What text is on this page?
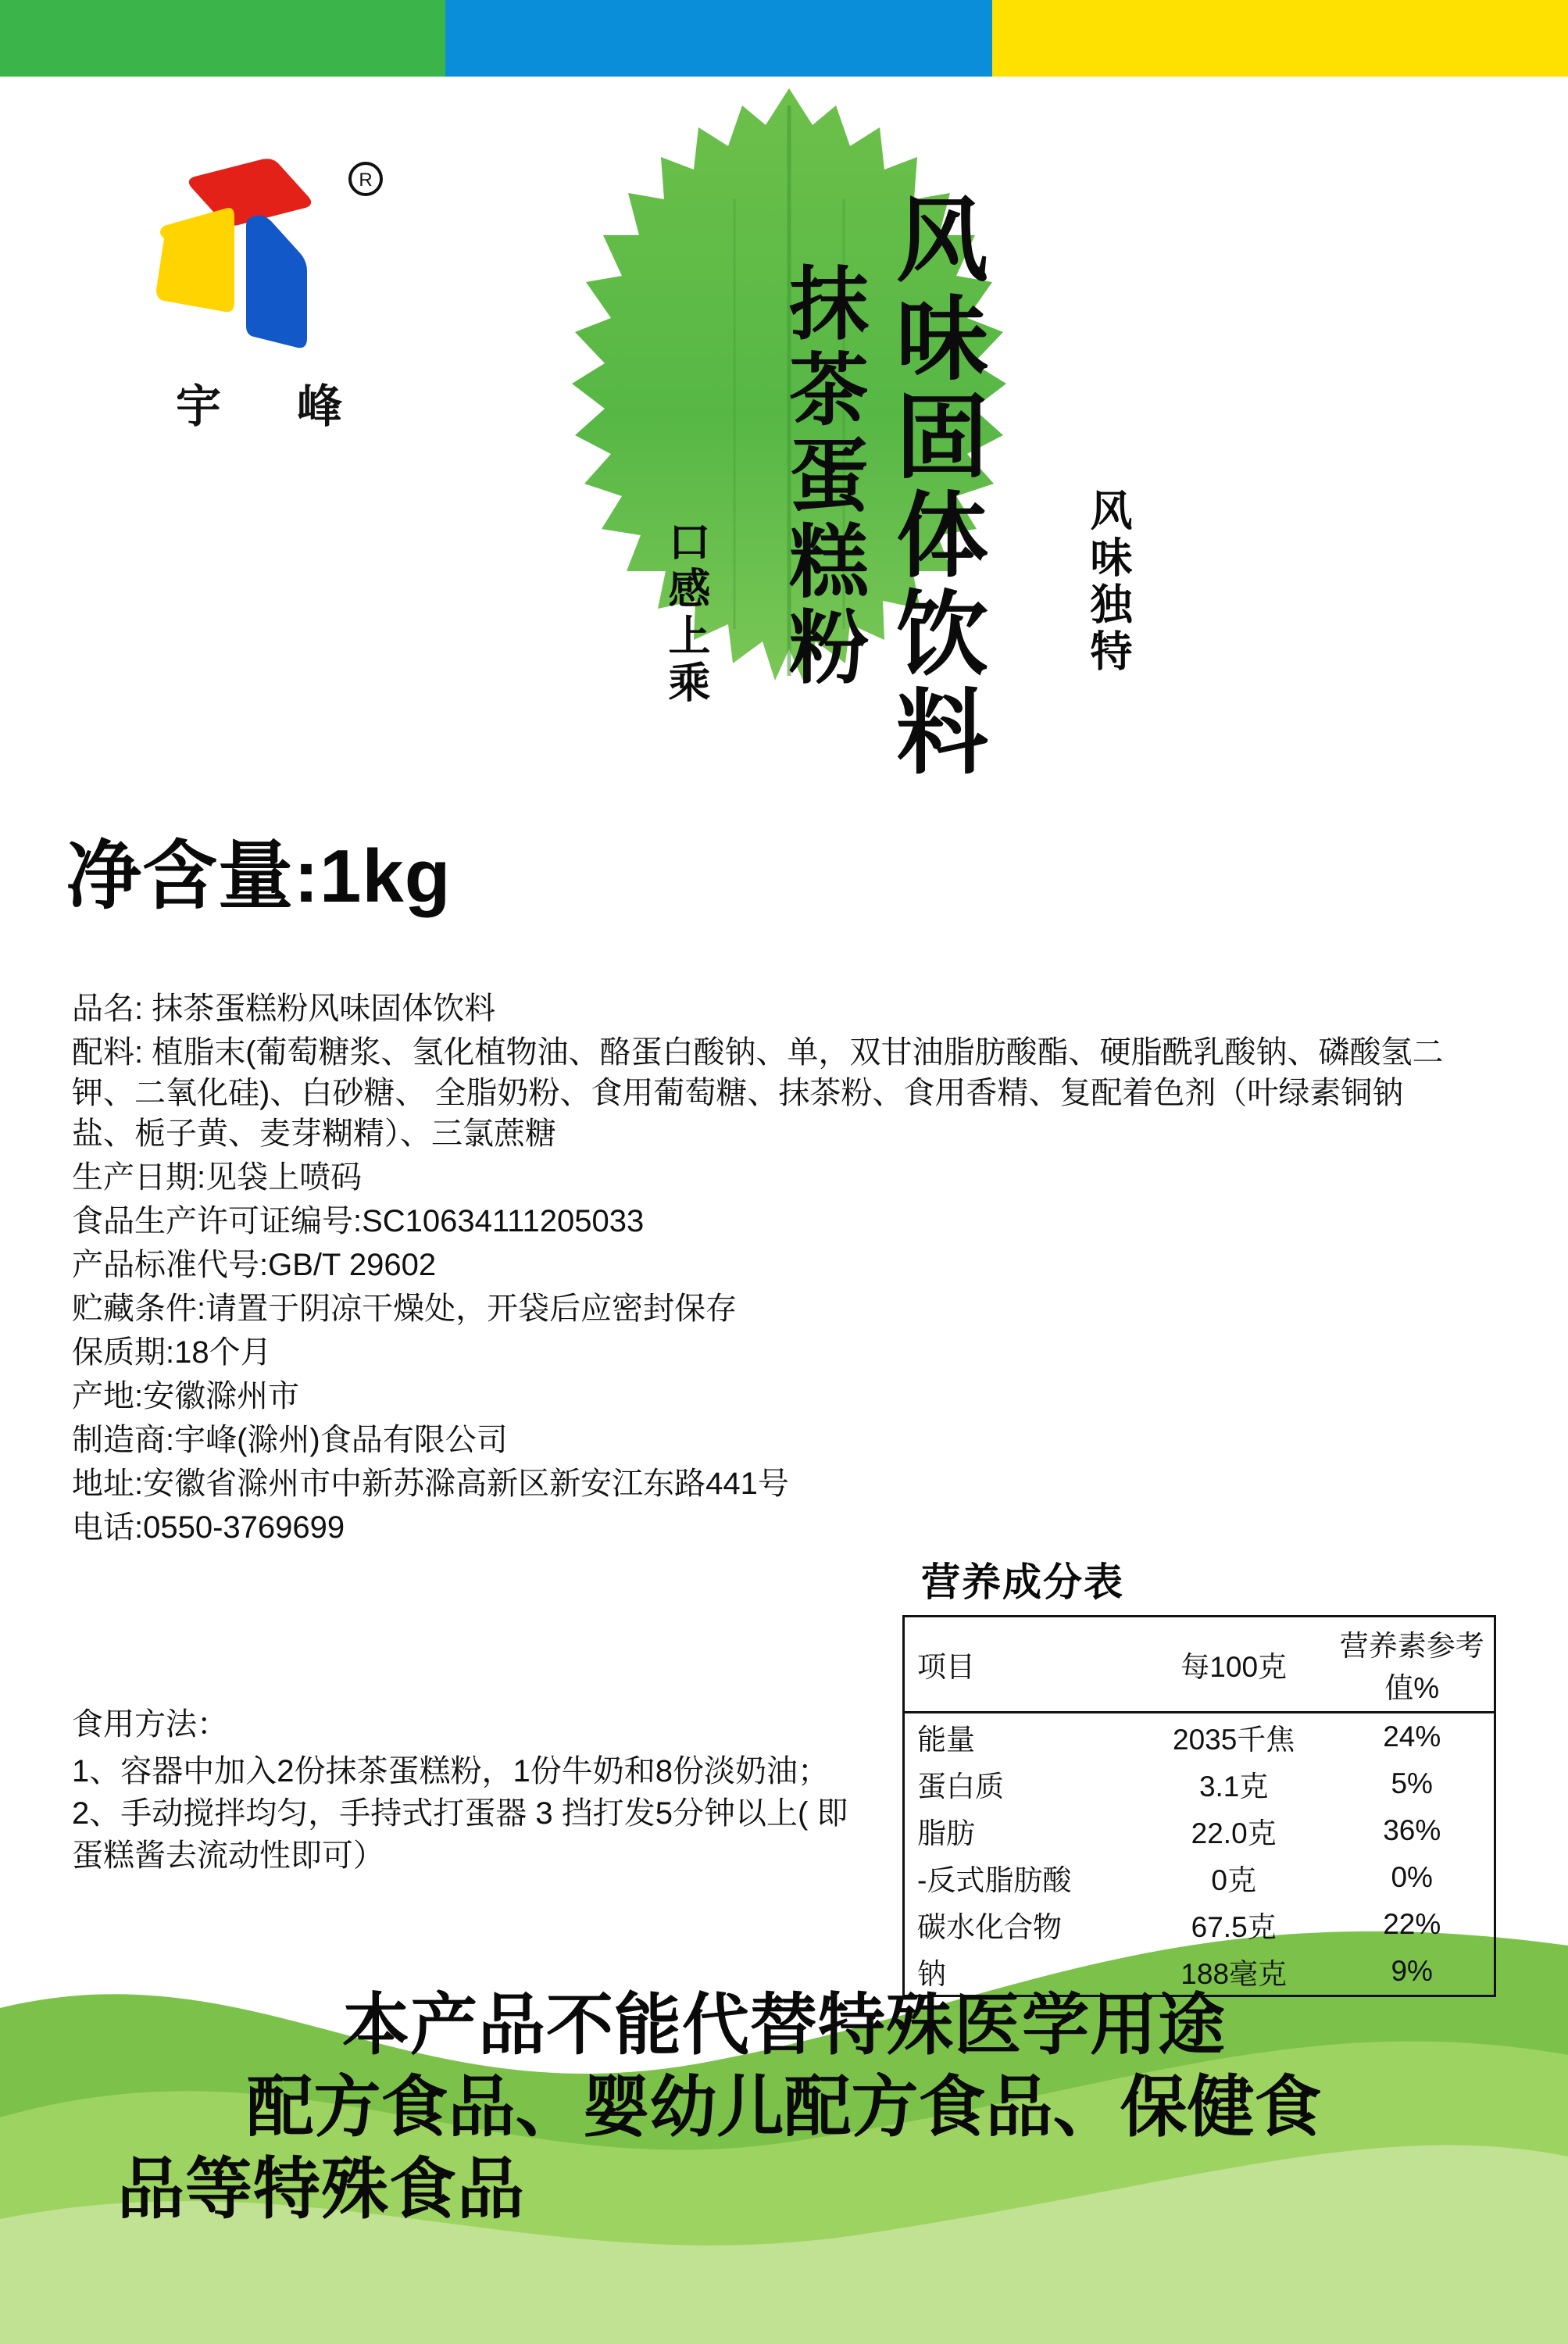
R
宇 峰	风味固体饮料
抹茶蛋糕粉
口感上乘	风味独特
净含量:1kg
品名: 抹茶蛋糕粉风味固体饮料
配料: 植脂末(葡萄糖浆、氢化植物油、酪蛋白酸钠、单，双甘油脂肪酸酯、硬脂酰乳酸钠、磷酸氢二钾、二氧化硅)、白砂糖、 全脂奶粉、食用葡萄糖、抹茶粉、食用香精、复配着色剂（叶绿素铜钠盐、栀子黄、麦芽糊精）、三氯蔗糖
生产日期:见袋上喷码
食品生产许可证编号:SC10634111205033
产品标准代号:GB/T 29602
贮藏条件:请置于阴凉干燥处，开袋后应密封保存
保质期:18个月
产地:安徽滁州市
制造商:宇峰(滁州)食品有限公司
地址:安徽省滁州市中新苏滁高新区新安江东路441号
电话:0550-3769699
食用方法：
1、容器中加入2份抹茶蛋糕粉，1份牛奶和8份淡奶油；
2、手动搅拌均匀，手持式打蛋器 3 挡打发5分钟以上( 即蛋糕酱去流动性即可）
营养成分表
项目	每100克	营养素参考值%
能量	2035千焦	24%
蛋白质	3.1克	5%
脂肪	22.0克	36%
-反式脂肪酸	0克	0%
碳水化合物	67.5克	22%
钠	188毫克	9%
本产品不能代替特殊医学用途
配方食品、婴幼儿配方食品、保健食
品等特殊食品
